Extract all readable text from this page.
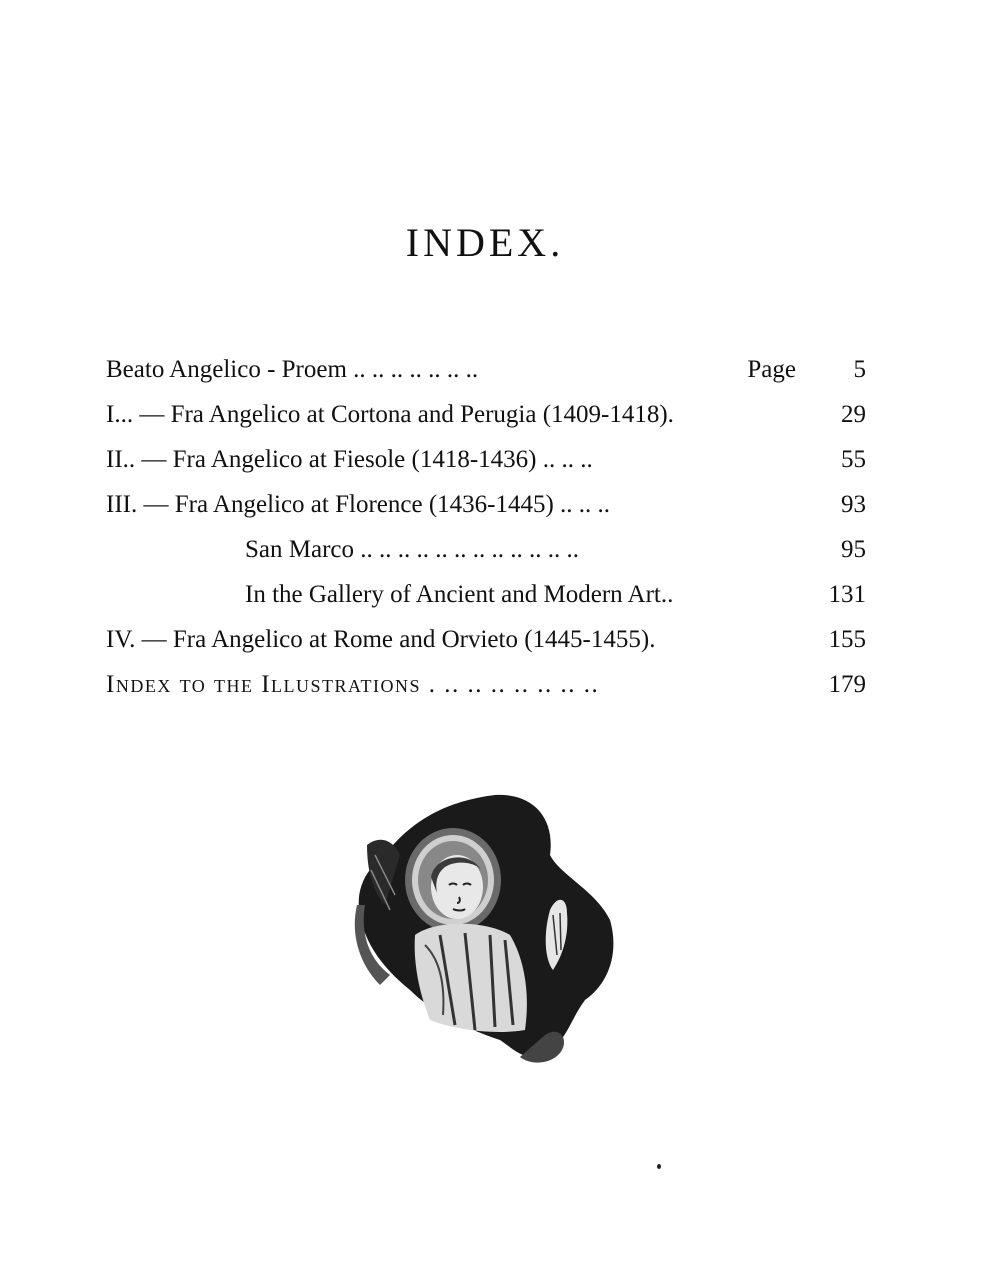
INDEX.
Beato Angelico - Proem .. .. .. .. .. .. ..	Page 5
I... — Fra Angelico at Cortona and Perugia (1409-1418).	29
II.. — Fra Angelico at Fiesole (1418-1436) .. .. ..	55
III. — Fra Angelico at Florence (1436-1445) .. .. ..	93
San Marco .. .. .. .. .. .. .. .. .. .. .. ..	95
In the Gallery of Ancient and Modern Art..	131
IV. — Fra Angelico at Rome and Orvieto (1445-1455).	155
Index to the Illustrations . .. .. .. .. .. .. ..	179
